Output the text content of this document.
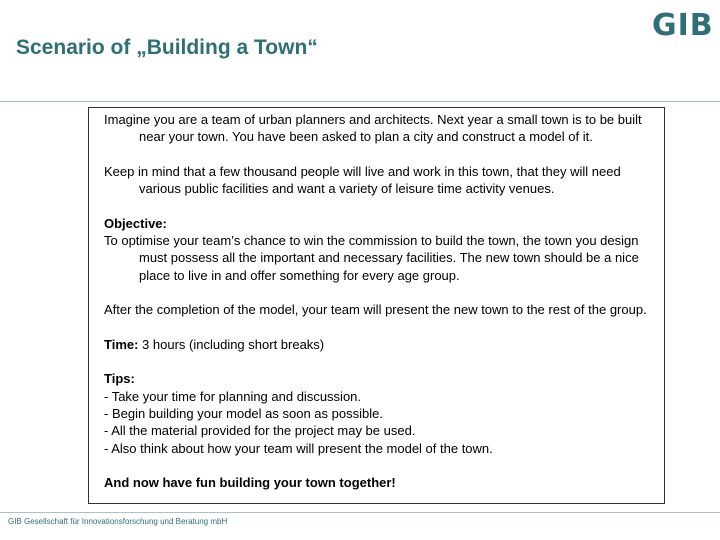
Scenario of „Building a Town“
GIB

Imagine you are a team of urban planners and architects. Next year a small town is to be built near your town. You have been asked to plan a city and construct a model of it.

Keep in mind that a few thousand people will live and work in this town, that they will need various public facilities and want a variety of leisure time activity venues.

Objective:

To optimise your team’s chance to win the commission to build the town, the town you design must possess all the important and necessary facilities. The new town should be a nice place to live in and offer something for every age group.

After the completion of the model, your team will present the new town to the rest of the group.

Time: 3 hours (including short breaks)

Tips:

- Take your time for planning and discussion.

- Begin building your model as soon as possible.

- All the material provided for the project may be used.

- Also think about how your team will present the model of the town.

And now have fun building your town together!

GIB Gesellschaft für Innovationsforschung und Beratung mbH
